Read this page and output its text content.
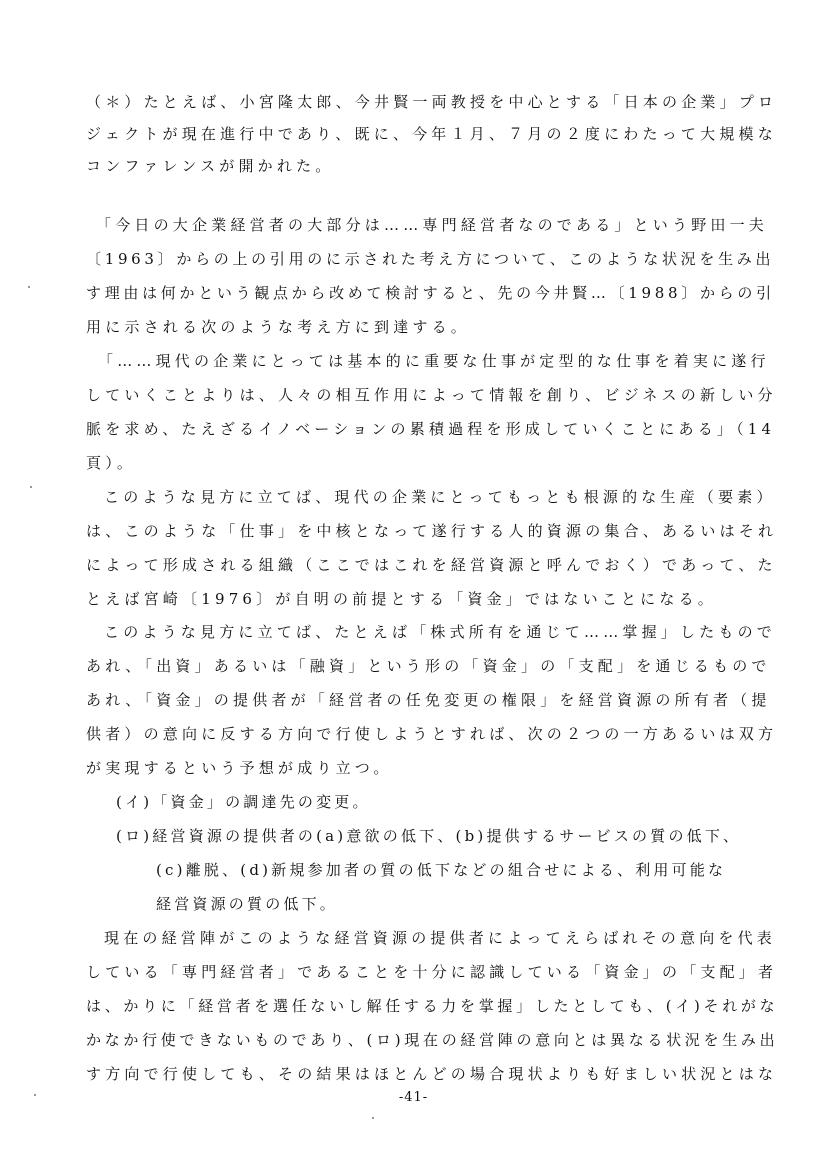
（＊）たとえば、小宮隆太郎、今井賢一両教授を中心とする「日本の企業」プロ
ジェクトが現在進行中であり、既に、今年１月、７月の２度にわたって大規模な
コンファレンスが開かれた。
「今日の大企業経営者の大部分は……専門経営者なのである」という野田一夫
〔1963〕からの上の引用のに示された考え方について、このような状況を生み出
す理由は何かという観点から改めて検討すると、先の今井賢…〔1988〕からの引
用に示される次のような考え方に到達する。
「……現代の企業にとっては基本的に重要な仕事が定型的な仕事を着実に遂行
していくことよりは、人々の相互作用によって情報を創り、ビジネスの新しい分
脈を求め、たえざるイノベーションの累積過程を形成していくことにある」（14
頁）。
このような見方に立てば、現代の企業にとってもっとも根源的な生産（要素）
は、このような「仕事」を中核となって遂行する人的資源の集合、あるいはそれ
によって形成される組織（ここではこれを経営資源と呼んでおく）であって、た
とえば宮崎〔1976〕が自明の前提とする「資金」ではないことになる。
このような見方に立てば、たとえば「株式所有を通じて……掌握」したもので
あれ、「出資」あるいは「融資」という形の「資金」の「支配」を通じるもので
あれ、「資金」の提供者が「経営者の任免変更の権限」を経営資源の所有者（提
供者）の意向に反する方向で行使しようとすれば、次の２つの一方あるいは双方
が実現するという予想が成り立つ。
(イ)「資金」の調達先の変更。
(ロ)経営資源の提供者の(a)意欲の低下、(b)提供するサービスの質の低下、
(c)離脱、(d)新規参加者の質の低下などの組合せによる、利用可能な
経営資源の質の低下。
現在の経営陣がこのような経営資源の提供者によってえらばれその意向を代表
している「専門経営者」であることを十分に認識している「資金」の「支配」者
は、かりに「経営者を選任ないし解任する力を掌握」したとしても、(イ)それがな
かなか行使できないものであり、(ロ)現在の経営陣の意向とは異なる状況を生み出
す方向で行使しても、その結果はほとんどの場合現状よりも好ましい状況とはな
-41-
